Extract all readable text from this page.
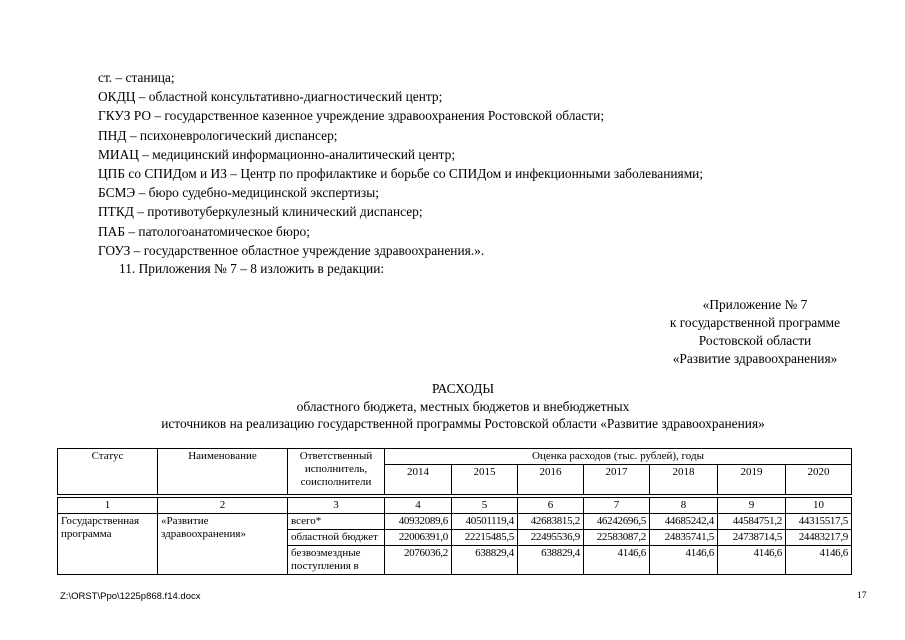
ст. – станица;
ОКДЦ – областной консультативно-диагностический центр;
ГКУЗ РО – государственное казенное учреждение здравоохранения Ростовской области;
ПНД – психоневрологический диспансер;
МИАЦ – медицинский информационно-аналитический центр;
ЦПБ со СПИДом и ИЗ – Центр по профилактике и борьбе со СПИДом и инфекционными заболеваниями;
БСМЭ – бюро судебно-медицинской экспертизы;
ПТКД – противотуберкулезный клинический диспансер;
ПАБ – патологоанатомическое бюро;
ГОУЗ – государственное областное учреждение здравоохранения.».
11. Приложения № 7 – 8 изложить в редакции:
«Приложение № 7
к государственной программе
Ростовской области
«Развитие здравоохранения»
РАСХОДЫ
областного бюджета, местных бюджетов и внебюджетных
источников на реализацию государственной программы Ростовской области «Развитие здравоохранения»
Статус	Наименование	Ответственный исполнитель, соисполнители	Оценка расходов (тыс. рублей), годы						
			2014	2015	2016	2017	2018	2019	2020

1	2	3	4	5	6	7	8	9	10
Государственная программа	«Развитие здравоохранения»	всего*	40932089,6	40501119,4	42683815,2	46242696,5	44685242,4	44584751,2	44315517,5
		областной бюджет	22006391,0	22215485,5	22495536,9	22583087,2	24835741,5	24738714,5	24483217,9
		безвозмездные поступления в	2076036,2	638829,4	638829,4	4146,6	4146,6	4146,6	4146,6
Z:\ORST\Ppo\1225p868.f14.docx	17
